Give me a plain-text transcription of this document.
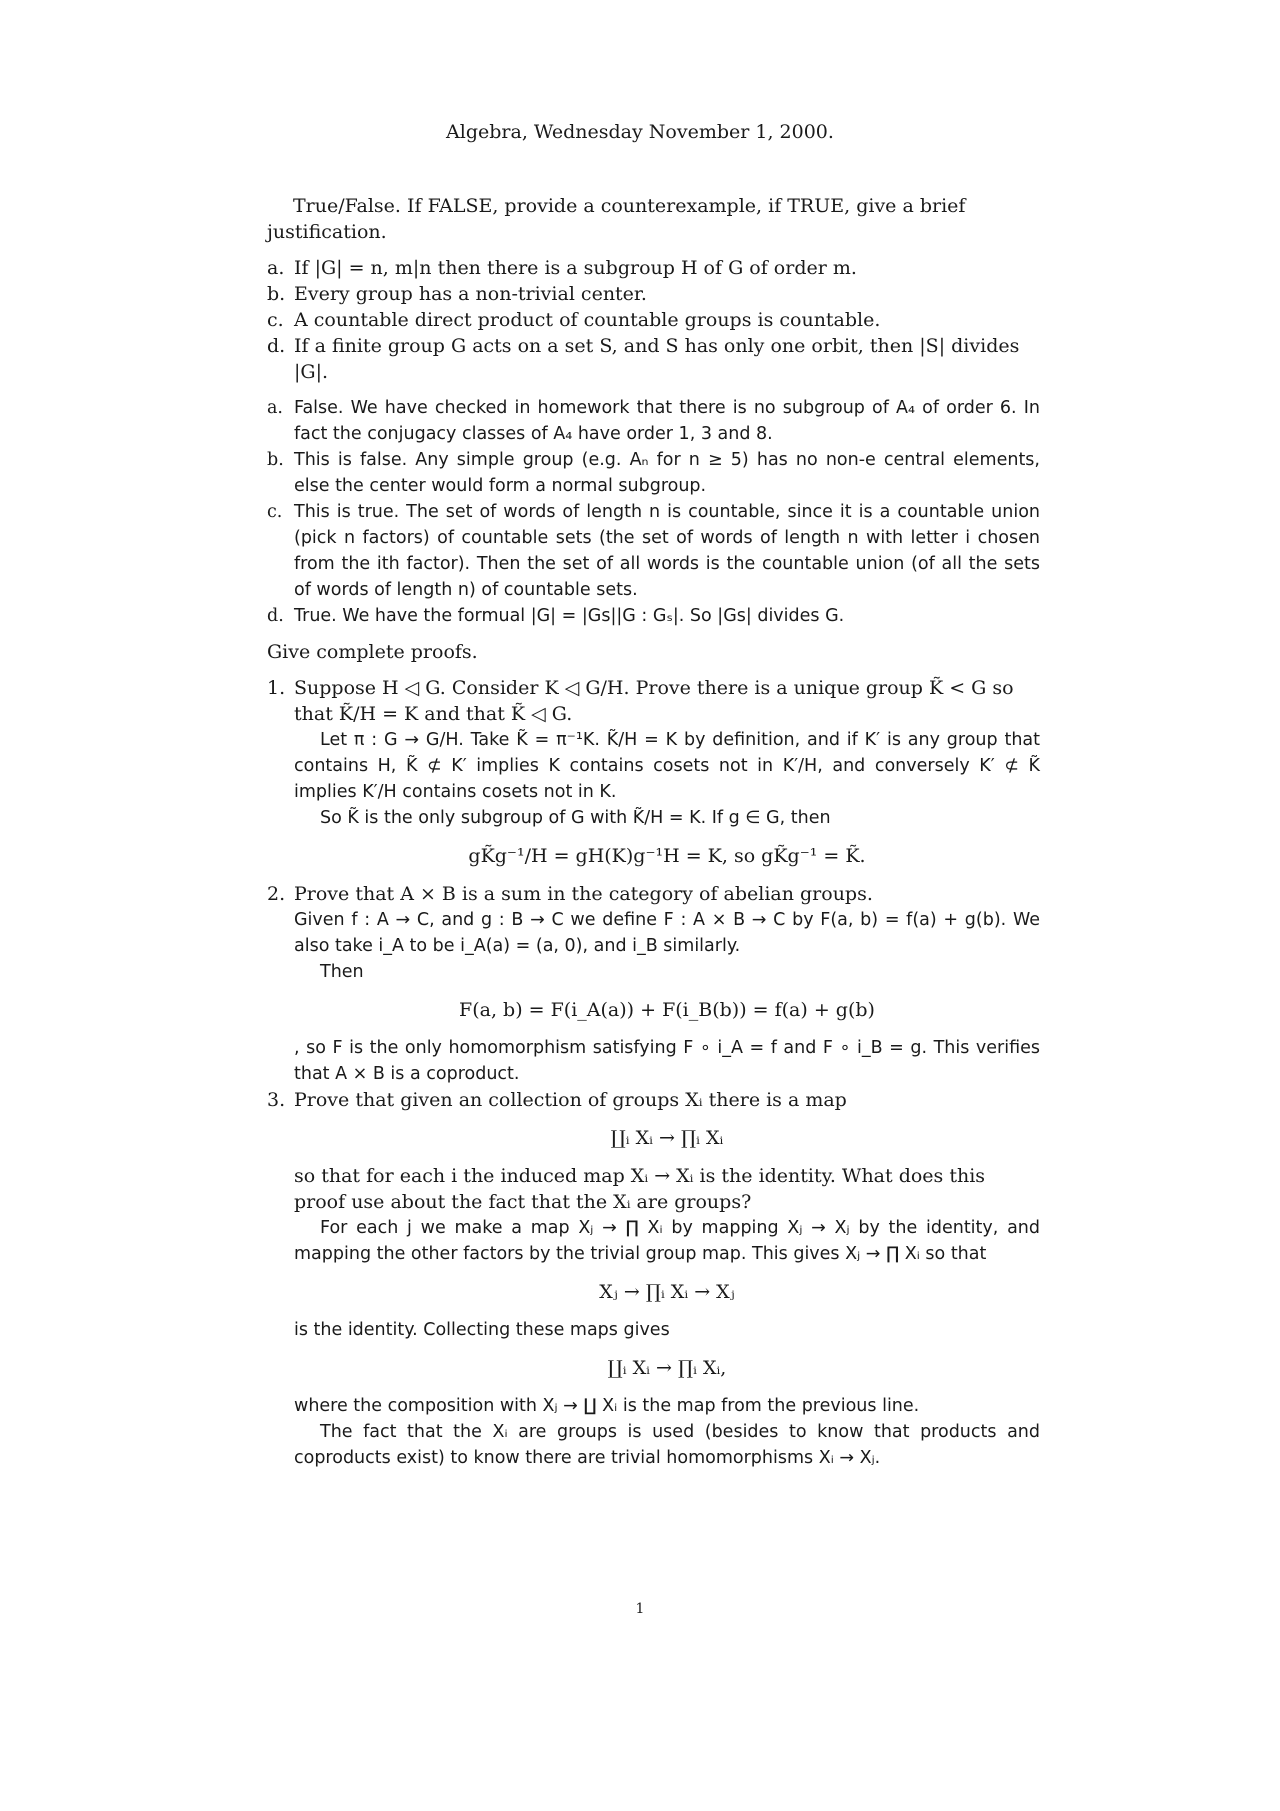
Algebra, Wednesday November 1, 2000.
True/False. If FALSE, provide a counterexample, if TRUE, give a brief justification.
a. If |G| = n, m|n then there is a subgroup H of G of order m.
b. Every group has a non-trivial center.
c. A countable direct product of countable groups is countable.
d. If a finite group G acts on a set S, and S has only one orbit, then |S| divides |G|.
a. False. We have checked in homework that there is no subgroup of A₄ of order 6. In fact the conjugacy classes of A₄ have order 1, 3 and 8.
b. This is false. Any simple group (e.g. Aₙ for n ≥ 5) has no non-e central elements, else the center would form a normal subgroup.
c. This is true. The set of words of length n is countable, since it is a countable union (pick n factors) of countable sets (the set of words of length n with letter i chosen from the ith factor). Then the set of all words is the countable union (of all the sets of words of length n) of countable sets.
d. True. We have the formual |G| = |Gs||G : Gₛ|. So |Gs| divides G.
Give complete proofs.
1. Suppose H ◁ G. Consider K ◁ G/H. Prove there is a unique group K̃ < G so that K̃/H = K and that K̃ ◁ G.
Let π : G → G/H. Take K̃ = π⁻¹K. K̃/H = K by definition, and if K′ is any group that contains H, K̃ ⊄ K′ implies K contains cosets not in K′/H, and conversely K′ ⊄ K̃ implies K′/H contains cosets not in K.
So K̃ is the only subgroup of G with K̃/H = K. If g ∈ G, then
gK̃g⁻¹/H = gH(K)g⁻¹H = K, so gK̃g⁻¹ = K̃.
2. Prove that A × B is a sum in the category of abelian groups.
Given f : A → C, and g : B → C we define F : A × B → C by F(a, b) = f(a) + g(b). We also take i_A to be i_A(a) = (a, 0), and i_B similarly.
Then
F(a, b) = F(i_A(a)) + F(i_B(b)) = f(a) + g(b)
, so F is the only homomorphism satisfying F ∘ i_A = f and F ∘ i_B = g. This verifies that A × B is a coproduct.
3. Prove that given an collection of groups Xᵢ there is a map
∐ᵢ Xᵢ → ∏ᵢ Xᵢ
so that for each i the induced map Xᵢ → Xᵢ is the identity. What does this proof use about the fact that the Xᵢ are groups?
For each j we make a map Xⱼ → ∏ Xᵢ by mapping Xⱼ → Xⱼ by the identity, and mapping the other factors by the trivial group map. This gives Xⱼ → ∏ Xᵢ so that
Xⱼ → ∏ᵢ Xᵢ → Xⱼ
is the identity. Collecting these maps gives
∐ᵢ Xᵢ → ∏ᵢ Xᵢ,
where the composition with Xⱼ → ∐ Xᵢ is the map from the previous line.
The fact that the Xᵢ are groups is used (besides to know that products and coproducts exist) to know there are trivial homomorphisms Xᵢ → Xⱼ.
1
